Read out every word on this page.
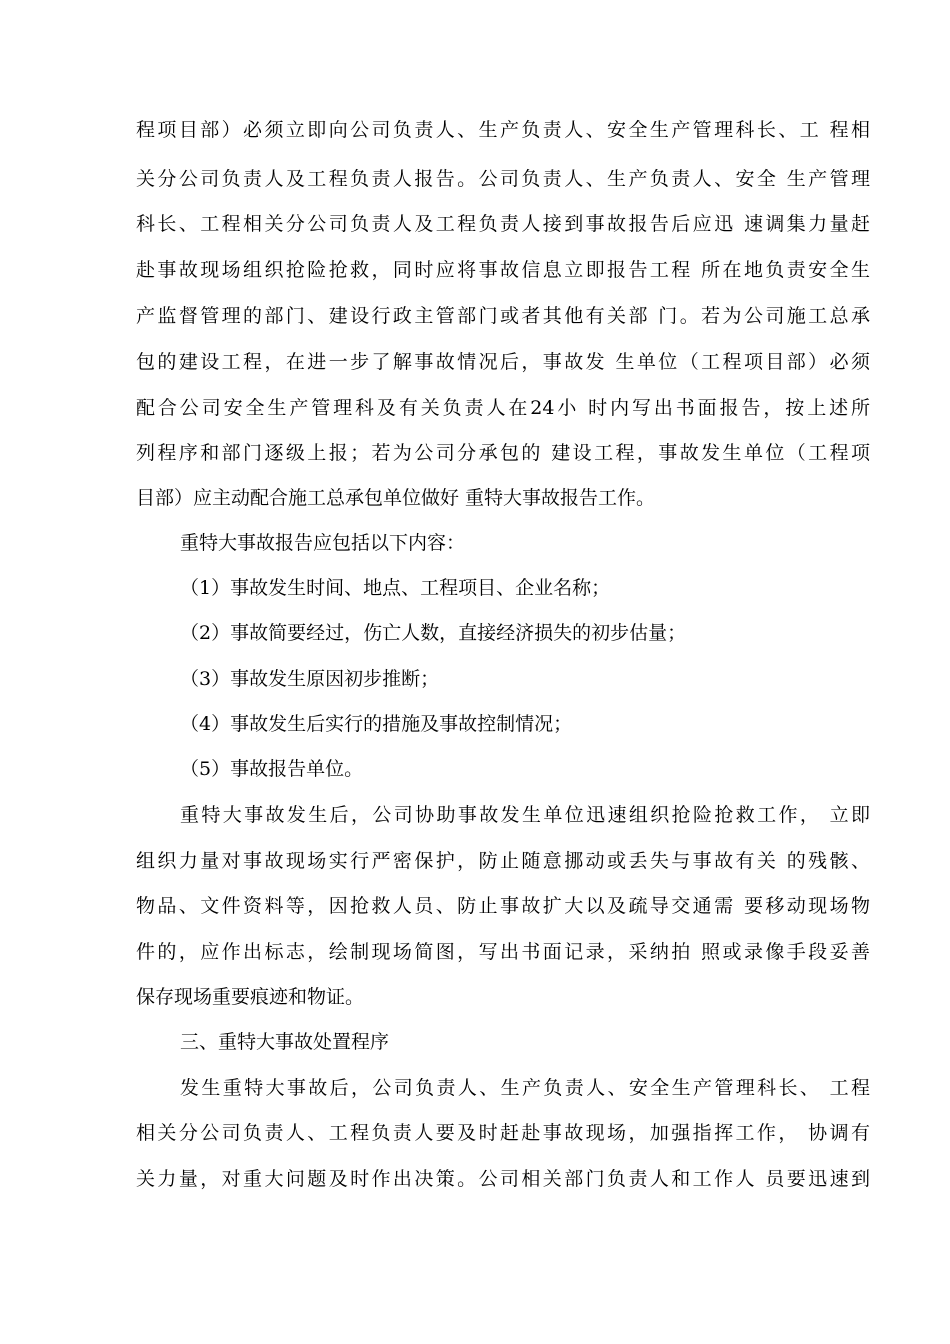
程项目部）必须立即向公司负责人、生产负责人、安全生产管理科长、工 程相
关分公司负责人及工程负责人报告。公司负责人、生产负责人、安全 生产管理
科长、工程相关分公司负责人及工程负责人接到事故报告后应迅 速调集力量赶
赴事故现场组织抢险抢救，同时应将事故信息立即报告工程 所在地负责安全生
产监督管理的部门、建设行政主管部门或者其他有关部 门。若为公司施工总承
包的建设工程，在进一步了解事故情况后，事故发 生单位（工程项目部）必须
配合公司安全生产管理科及有关负责人在24小 时内写出书面报告，按上述所
列程序和部门逐级上报；若为公司分承包的 建设工程，事故发生单位（工程项
目部）应主动配合施工总承包单位做好 重特大事故报告工作。
重特大事故报告应包括以下内容：
（1）事故发生时间、地点、工程项目、企业名称；
（2）事故简要经过，伤亡人数，直接经济损失的初步估量；
（3）事故发生原因初步推断；
（4）事故发生后实行的措施及事故控制情况；
（5）事故报告单位。
重特大事故发生后，公司协助事故发生单位迅速组织抢险抢救工作， 立即
组织力量对事故现场实行严密保护，防止随意挪动或丢失与事故有关 的残骸、
物品、文件资料等，因抢救人员、防止事故扩大以及疏导交通需 要移动现场物
件的，应作出标志，绘制现场简图，写出书面记录，采纳拍 照或录像手段妥善
保存现场重要痕迹和物证。
三、重特大事故处置程序
发生重特大事故后，公司负责人、生产负责人、安全生产管理科长、 工程
相关分公司负责人、工程负责人要及时赶赴事故现场，加强指挥工作， 协调有
关力量，对重大问题及时作出决策。公司相关部门负责人和工作人 员要迅速到
